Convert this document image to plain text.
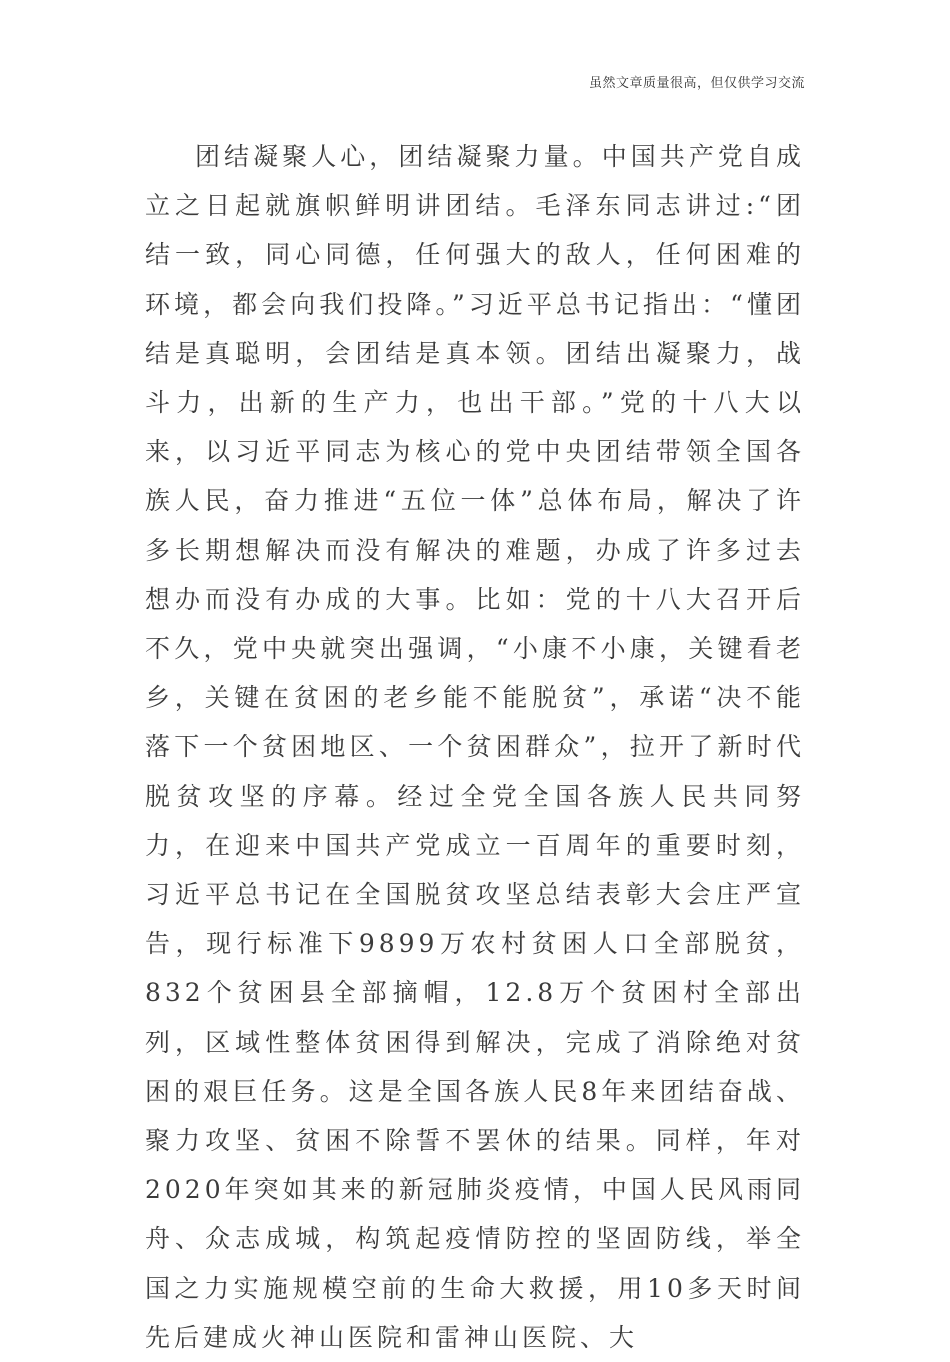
虽然文章质量很高，但仅供学习交流

团结凝聚人心，团结凝聚力量。中国共产党自成立之日起就旗帜鲜明讲团结。毛泽东同志讲过:“团结一致，同心同德，任何强大的敌人，任何困难的环境，都会向我们投降。”习近平总书记指出：“懂团结是真聪明，会团结是真本领。团结出凝聚力，战斗力，出新的生产力，也出干部。”党的十八大以来，以习近平同志为核心的党中央团结带领全国各族人民，奋力推进“五位一体”总体布局，解决了许多长期想解决而没有解决的难题，办成了许多过去想办而没有办成的大事。比如：党的十八大召开后不久，党中央就突出强调，“小康不小康，关键看老乡，关键在贫困的老乡能不能脱贫”，承诺“决不能落下一个贫困地区、一个贫困群众”，拉开了新时代脱贫攻坚的序幕。经过全党全国各族人民共同努力，在迎来中国共产党成立一百周年的重要时刻，习近平总书记在全国脱贫攻坚总结表彰大会庄严宣告，现行标准下9899万农村贫困人口全部脱贫，832个贫困县全部摘帽，12.8万个贫困村全部出列，区域性整体贫困得到解决，完成了消除绝对贫困的艰巨任务。这是全国各族人民8年来团结奋战、聚力攻坚、贫困不除誓不罢休的结果。同样，年对2020年突如其来的新冠肺炎疫情，中国人民风雨同舟、众志成城，构筑起疫情防控的坚固防线，举全国之力实施规模空前的生命大救援，用10多天时间先后建成火神山医院和雷神山医院、大
